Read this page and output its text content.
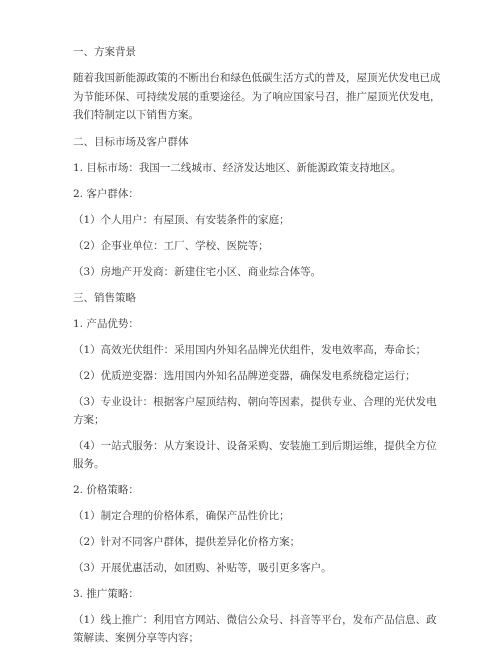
一、方案背景

随着我国新能源政策的不断出台和绿色低碳生活方式的普及，屋顶光伏发电已成为节能环保、可持续发展的重要途径。为了响应国家号召，推广屋顶光伏发电，我们特制定以下销售方案。

二、目标市场及客户群体
1. 目标市场：我国一二线城市、经济发达地区、新能源政策支持地区。
2. 客户群体：
（1）个人用户：有屋顶、有安装条件的家庭；
（2）企事业单位：工厂、学校、医院等；
（3）房地产开发商：新建住宅小区、商业综合体等。
三、销售策略
1. 产品优势：
（1）高效光伏组件：采用国内外知名品牌光伏组件，发电效率高，寿命长；
（2）优质逆变器：选用国内外知名品牌逆变器，确保发电系统稳定运行；

（3）专业设计：根据客户屋顶结构、朝向等因素，提供专业、合理的光伏发电方案；

（4）一站式服务：从方案设计、设备采购、安装施工到后期运维，提供全方位服务。

2. 价格策略：
（1）制定合理的价格体系，确保产品性价比；
（2）针对不同客户群体，提供差异化价格方案；
（3）开展优惠活动，如团购、补贴等，吸引更多客户。
3. 推广策略：

（1）线上推广：利用官方网站、微信公众号、抖音等平台，发布产品信息、政策解读、案例分享等内容；
